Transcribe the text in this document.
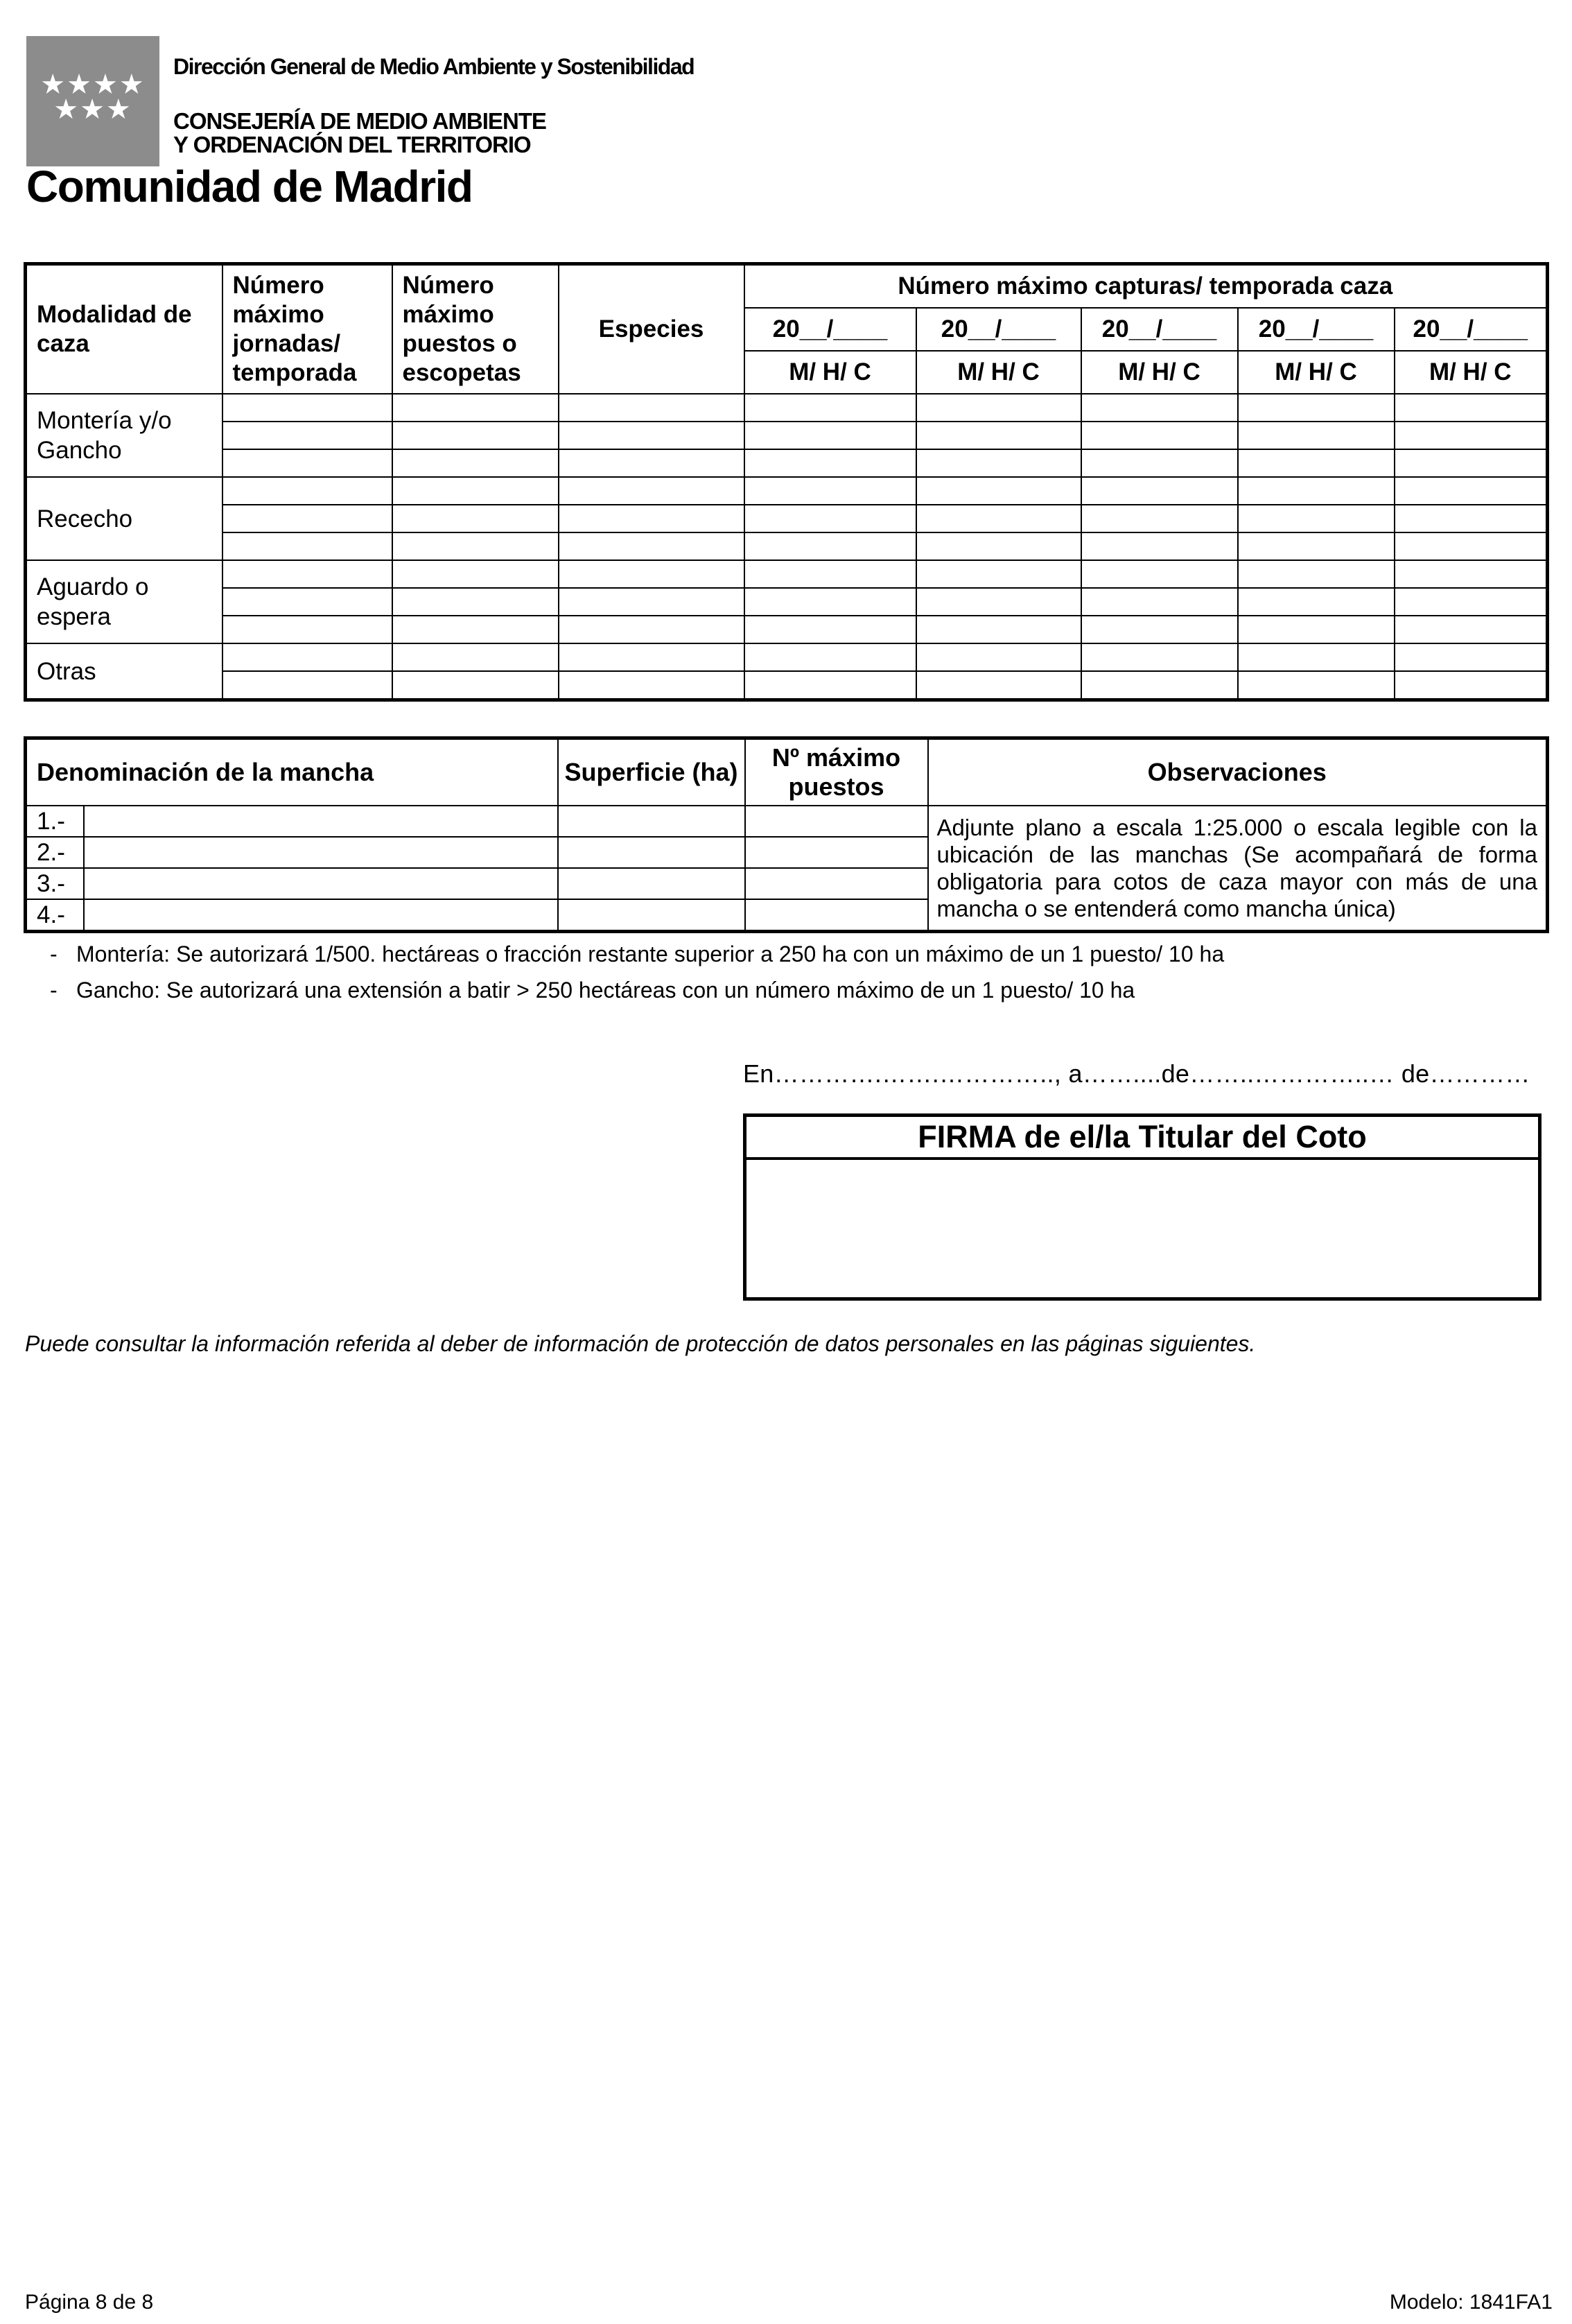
★★★★
★★★
Dirección General de Medio Ambiente y Sostenibilidad
CONSEJERÍA DE MEDIO AMBIENTE
Y ORDENACIÓN DEL TERRITORIO
Comunidad de Madrid
Modalidad de caza	Número máximo jornadas/ temporada	Número máximo puestos o escopetas	Especies	Número máximo capturas/ temporada caza				
				20__/____	20__/____	20__/____	20__/____	20__/____
				M/ H/ C	M/ H/ C	M/ H/ C	M/ H/ C	M/ H/ C
Montería y/o Gancho								

Rececho								

Aguardo o espera								

Otras								

Denominación de la mancha		Superficie (ha)	Nº máximo puestos	Observaciones
1.-				Adjunte plano a escala 1:25.000 o escala legible con la ubicación de las manchas (Se acompañará de forma obligatoria para cotos de caza mayor con más de una mancha o se entenderá como mancha única)
2.-				
3.-				
4.-				
- Montería: Se autorizará 1/500. hectáreas o fracción restante superior a 250 ha con un máximo de un 1 puesto/ 10 ha
- Gancho: Se autorizará una extensión a batir > 250 hectáreas con un número máximo de un 1 puesto/ 10 ha
En………….…….………….., a……....de……..…………..… de…………
FIRMA de el/la Titular del Coto
Puede consultar la información referida al deber de información de protección de datos personales en las páginas siguientes.
Página 8 de 8	Modelo: 1841FA1
